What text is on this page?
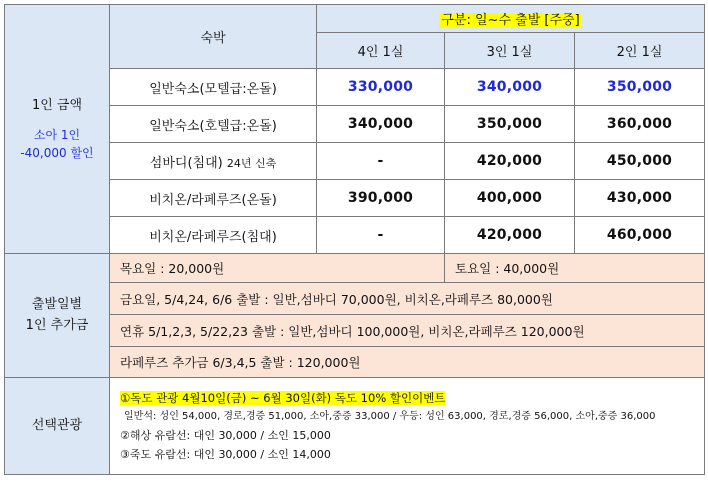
1인 금액
소아 1인
-40,000 할인	숙박	구분: 일~수 출발 [주중]		
		4인 1실	3인 1실	2인 1실
	일반숙소(모텔급:온돌)	330,000	340,000	350,000
	일반숙소(호텔급:온돌)	340,000	350,000	360,000
	섬바디(침대) 24년 신축	-	420,000	450,000
	비치온/라페루즈(온돌)	390,000	400,000	430,000
	비치온/라페루즈(침대)	-	420,000	460,000

출발일별
1인 추가금	목요일 : 20,000원		토요일 : 40,000원	
	금요일, 5/4,24, 6/6 출발 : 일반,섬바디 70,000원, 비치온,라페루즈 80,000원			
	연휴 5/1,2,3, 5/22,23 출발 : 일반,섬바디 100,000원, 비치온,라페루즈 120,000원			
	라페루즈 추가금 6/3,4,5 출발 : 120,000원			
선택관광	①독도 관광 4월10일(금) ~ 6월 30일(화) 독도 10% 할인이벤트
일반석: 성인 54,000, 경로,경증 51,000, 소아,중증 33,000 / 우등: 성인 63,000, 경로,경증 56,000, 소아,중증 36,000
②해상 유람선: 대인 30,000 / 소인 15,000
③죽도 유람선: 대인 30,000 / 소인 14,000			
